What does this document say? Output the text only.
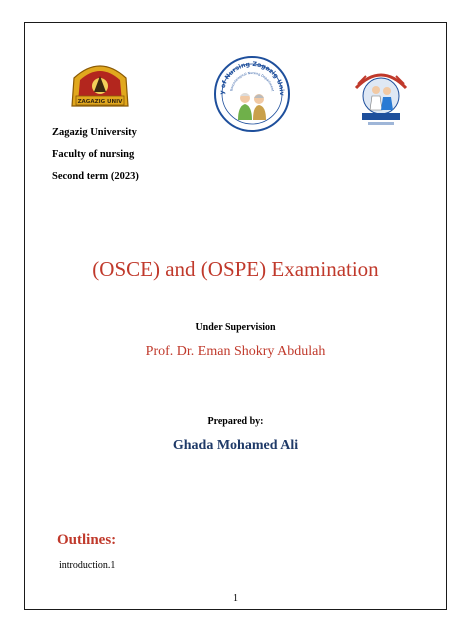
ZAGAZIG UNIV
y of Nursing Zagazig Univ
Gerontological Nursing Department
Zagazig University
Faculty of nursing
Second term (2023)
(OSCE) and (OSPE) Examination
Under Supervision
Prof. Dr. Eman Shokry Abdulah
Prepared by:
Ghada Mohamed Ali
Outlines:
introduction.1
1
